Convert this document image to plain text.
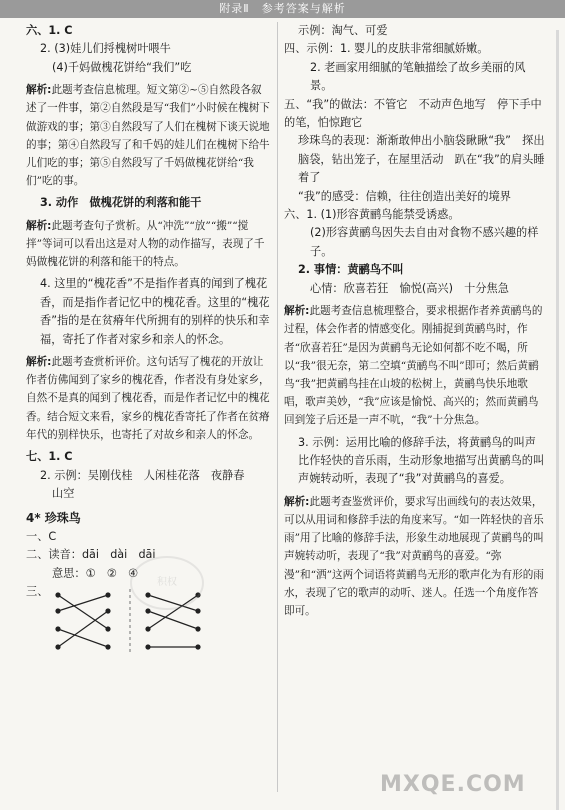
附录Ⅱ　参考答案与解析

六、1. C

2. (3)娃儿们捋槐树叶喂牛

(4)千妈做槐花饼给“我们”吃

解析:此题考查信息梳理。短文第②~⑤自然段各叙述了一件事，第②自然段是写“我们”小时候在槐树下做游戏的事；第③自然段写了人们在槐树下谈天说地的事；第④自然段写了和千妈的娃儿们在槐树下给牛儿们吃的事；第⑤自然段写了千妈做槐花饼给“我们”吃的事。

3. 动作　做槐花饼的利落和能干

解析:此题考查句子赏析。从“冲洗”“放”“搬”“搅拌”等词可以看出这是对人物的动作描写，表现了千妈做槐花饼的利落和能干的特点。

4. 这里的“槐花香”不是指作者真的闻到了槐花香，而是指作者记忆中的槐花香。这里的“槐花香”指的是在贫瘠年代所拥有的别样的快乐和幸福，寄托了作者对家乡和亲人的怀念。

解析:此题考查赏析评价。这句话写了槐花的开放让作者仿佛闻到了家乡的槐花香，作者没有身处家乡，自然不是真的闻到了槐花香，而是作者记忆中的槐花香。结合短文来看，家乡的槐花香寄托了作者在贫瘠年代的别样快乐，也寄托了对故乡和亲人的怀念。

七、1. C

2. 示例：吴刚伐桂　人闲桂花落　夜静春

山空

4* 珍珠鸟

一、C

二、读音：dāi　dài　dāi

意思：①　②　④

三、
积权

示例：淘气、可爱

四、示例：1. 婴儿的皮肤非常细腻娇嫩。

2. 老画家用细腻的笔触描绘了故乡美丽的风景。

五、“我”的做法：不管它　不动声色地写　停下手中的笔，怕惊跑它

珍珠鸟的表现：渐渐敢伸出小脑袋瞅瞅“我”　探出脑袋，钻出笼子，在屋里活动　趴在“我”的肩头睡着了

“我”的感受：信赖，往往创造出美好的境界

六、1. (1)形容黄鹂鸟能禁受诱惑。

(2)形容黄鹂鸟因失去自由对食物不感兴趣的样子。

2. 事情：黄鹂鸟不叫

心情：欣喜若狂　愉悦(高兴)　十分焦急

解析:此题考查信息梳理整合，要求根据作者养黄鹂鸟的过程，体会作者的情感变化。刚捕捉到黄鹂鸟时，作者“欣喜若狂”是因为黄鹂鸟无论如何都不吃不喝，所以“我”很无奈，第二空填“黄鹂鸟不叫”即可；然后黄鹂鸟“我”把黄鹂鸟挂在山坡的松树上，黄鹂鸟快乐地歌唱，歌声美妙，“我”应该是愉悦、高兴的；然而黄鹂鸟回到笼子后还是一声不吭，“我”十分焦急。

3. 示例：运用比喻的修辞手法，将黄鹂鸟的叫声比作轻快的音乐雨，生动形象地描写出黄鹂鸟的叫声婉转动听，表现了“我”对黄鹂鸟的喜爱。

解析:此题考查鉴赏评价，要求写出画线句的表达效果，可以从用词和修辞手法的角度来写。“如一阵轻快的音乐雨”用了比喻的修辞手法，形象生动地展现了黄鹂鸟的叫声婉转动听，表现了“我”对黄鹂鸟的喜爱。“弥漫”和“洒”这两个词语将黄鹂鸟无形的歌声化为有形的雨水，表现了它的歌声的动听、迷人。任选一个角度作答即可。

MXQE.COM
